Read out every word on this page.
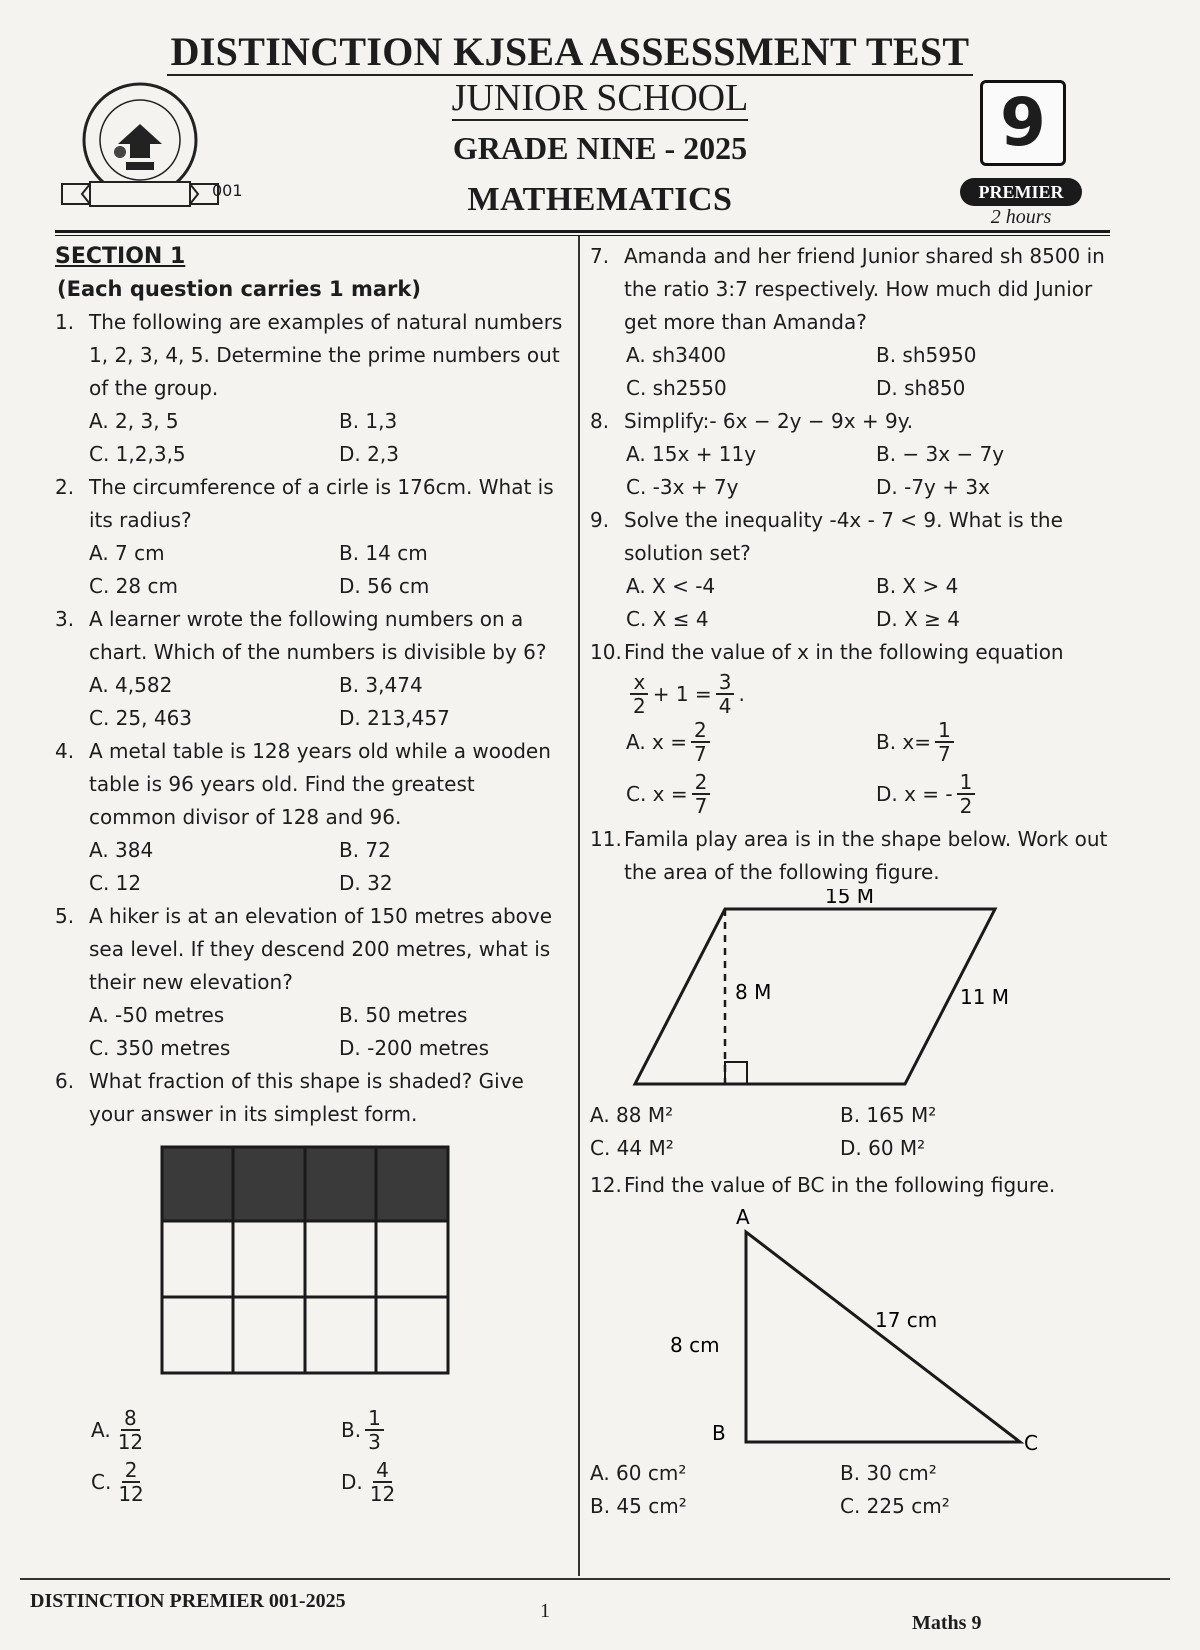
DISTINCTION KJSEA ASSESSMENT TEST
JUNIOR SCHOOL
GRADE NINE - 2025
MATHEMATICS
001
9
PREMIER
2 hours
SECTION 1
(Each question carries 1 mark)
1. The following are examples of natural numbers 1, 2, 3, 4, 5. Determine the prime numbers out of the group.
A. 2, 3, 5	B. 1,3
C. 1,2,3,5	D. 2,3
2. The circumference of a cirle is 176cm. What is its radius?
A. 7 cm	B. 14 cm
C. 28 cm	D. 56 cm
3. A learner wrote the following numbers on a chart. Which of the numbers is divisible by 6?
A. 4,582	B. 3,474
C. 25, 463	D. 213,457
4. A metal table is 128 years old while a wooden table is 96 years old. Find the greatest common divisor of 128 and 96.
A. 384	B. 72
C. 12	D. 32
5. A hiker is at an elevation of 150 metres above sea level. If they descend 200 metres, what is their new elevation?
A. -50 metres	B. 50 metres
C. 350 metres	D. -200 metres
6. What fraction of this shape is shaded? Give your answer in its simplest form.
A. $\frac{8}{12}$	B. $\frac{1}{3}$
C. $\frac{2}{12}$	D. $\frac{4}{12}$
7. Amanda and her friend Junior shared sh 8500 in the ratio 3:7 respectively. How much did Junior get more than Amanda?
A. sh3400	B. sh5950
C. sh2550	D. sh850
8. Simplify:- 6x − 2y − 9x + 9y.
A. 15x + 11y	B. − 3x − 7y
C. -3x + 7y	D. -7y + 3x
9. Solve the inequality -4x - 7 < 9. What is the solution set?
A. X < -4	B. X > 4
C. X ≤ 4	D. X ≥ 4
10. Find the value of x in the following equation
$\frac{x}{2} + 1 = \frac{3}{4}$ .
A. $x = \frac{2}{7}$	B. $x= \frac{1}{7}$
C. $x = \frac{2}{7}$	D. x = - $\frac{1}{2}$
11. Famila play area is in the shape below. Work out the area of the following figure.
15 M
8 M	11 M
A. 88 M²	B. 165 M²
C. 44 M²	D. 60 M²
12. Find the value of BC in the following figure.
A
B	C
8 cm
17 cm
A. 60 cm²	B. 30 cm²
B. 45 cm²	C. 225 cm²
DISTINCTION PREMIER 001-2025	1
Maths 9
